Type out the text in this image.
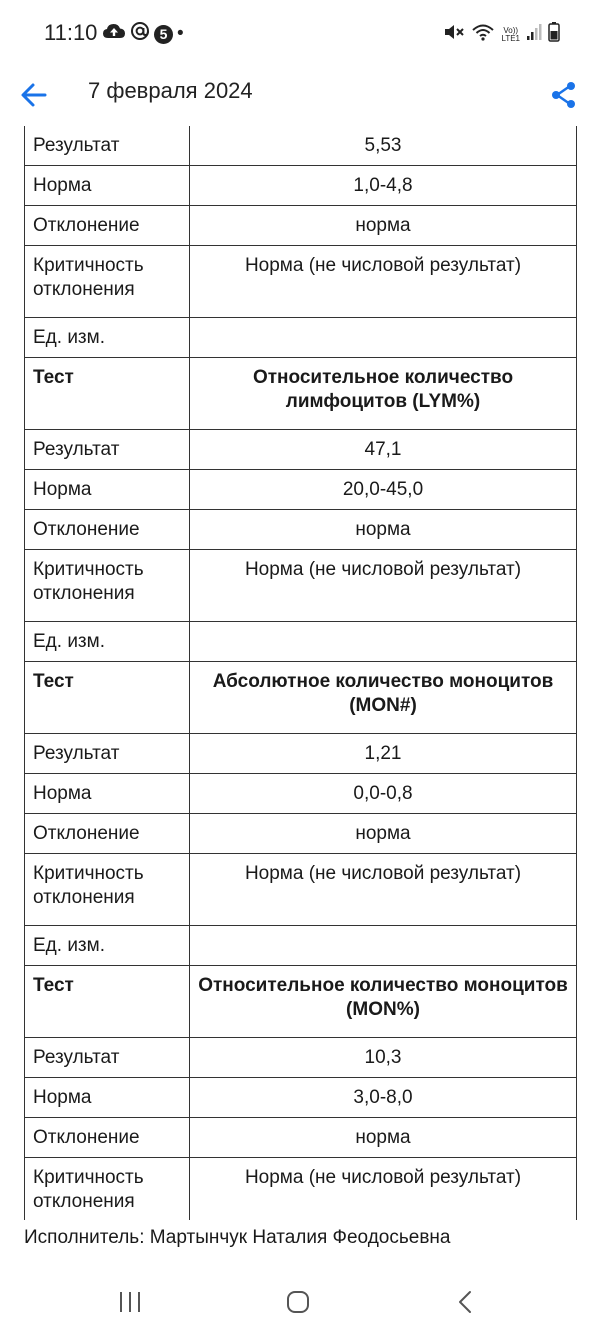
11:10	5 •	Vo))
LTE1
7 февраля 2024
Результат	5,53
Норма	1,0-4,8
Отклонение	норма
Критичность отклонения	Норма (не числовой результат)
Ед. изм.	
Тест	Относительное количество лимфоцитов (LYM%)
Результат	47,1
Норма	20,0-45,0
Отклонение	норма
Критичность отклонения	Норма (не числовой результат)
Ед. изм.	
Тест	Абсолютное количество моноцитов (MON#)
Результат	1,21
Норма	0,0-0,8
Отклонение	норма
Критичность отклонения	Норма (не числовой результат)
Ед. изм.	
Тест	Относительное количество моноцитов (MON%)
Результат	10,3
Норма	3,0-8,0
Отклонение	норма
Критичность отклонения	Норма (не числовой результат)

Исполнитель: Мартынчук Наталия Феодосьевна
